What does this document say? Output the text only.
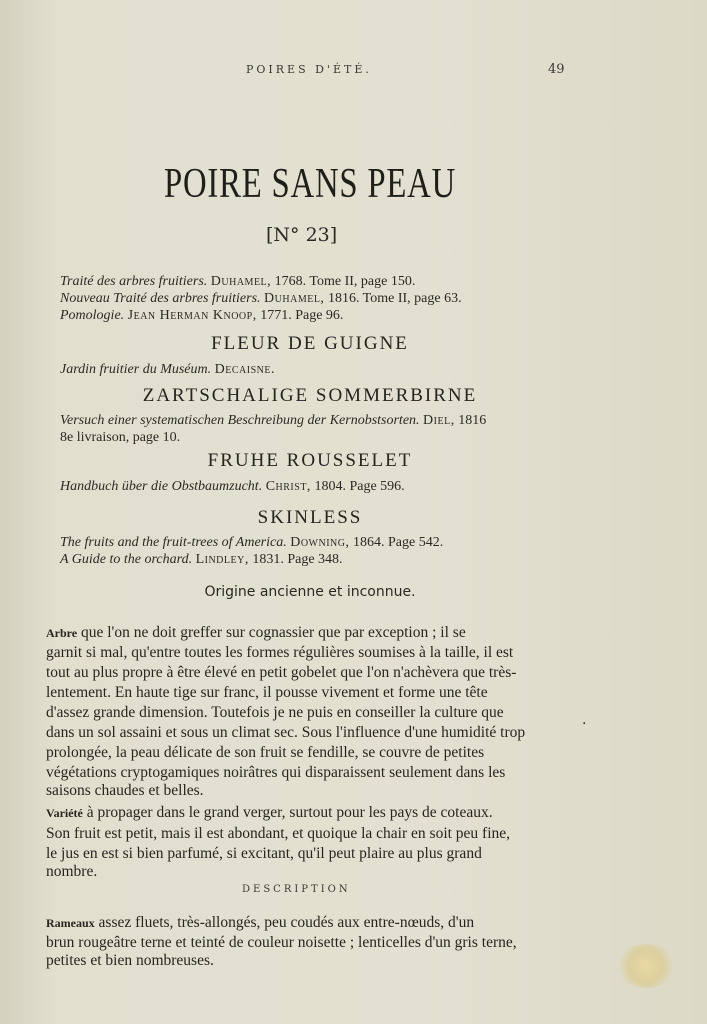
POIRES D'ÉTÉ.	49
POIRE SANS PEAU
[N° 23]
Traité des arbres fruitiers. Duhamel, 1768. Tome II, page 150.
Nouveau Traité des arbres fruitiers. Duhamel, 1816. Tome II, page 63.
Pomologie. Jean Herman Knoop, 1771. Page 96.
FLEUR DE GUIGNE
Jardin fruitier du Muséum. Decaisne.
ZARTSCHALIGE SOMMERBIRNE
Versuch einer systematischen Beschreibung der Kernobstsorten. Diel, 1816
8e livraison, page 10.
FRUHE ROUSSELET
Handbuch über die Obstbaumzucht. Christ, 1804. Page 596.
SKINLESS
The fruits and the fruit-trees of America. Downing, 1864. Page 542.
A Guide to the orchard. Lindley, 1831. Page 348.
Origine ancienne et inconnue.
Arbre que l'on ne doit greffer sur cognassier que par exception ; il se
garnit si mal, qu'entre toutes les formes régulières soumises à la taille, il est
tout au plus propre à être élevé en petit gobelet que l'on n'achèvera que très-
lentement. En haute tige sur franc, il pousse vivement et forme une tête
d'assez grande dimension. Toutefois je ne puis en conseiller la culture que
dans un sol assaini et sous un climat sec. Sous l'influence d'une humidité trop
prolongée, la peau délicate de son fruit se fendille, se couvre de petites
végétations cryptogamiques noirâtres qui disparaissent seulement dans les
saisons chaudes et belles.
Variété à propager dans le grand verger, surtout pour les pays de coteaux.
Son fruit est petit, mais il est abondant, et quoique la chair en soit peu fine,
le jus en est si bien parfumé, si excitant, qu'il peut plaire au plus grand
nombre.
DESCRIPTION
Rameaux assez fluets, très-allongés, peu coudés aux entre-nœuds, d'un
brun rougeâtre terne et teinté de couleur noisette ; lenticelles d'un gris terne,
petites et bien nombreuses.
.
